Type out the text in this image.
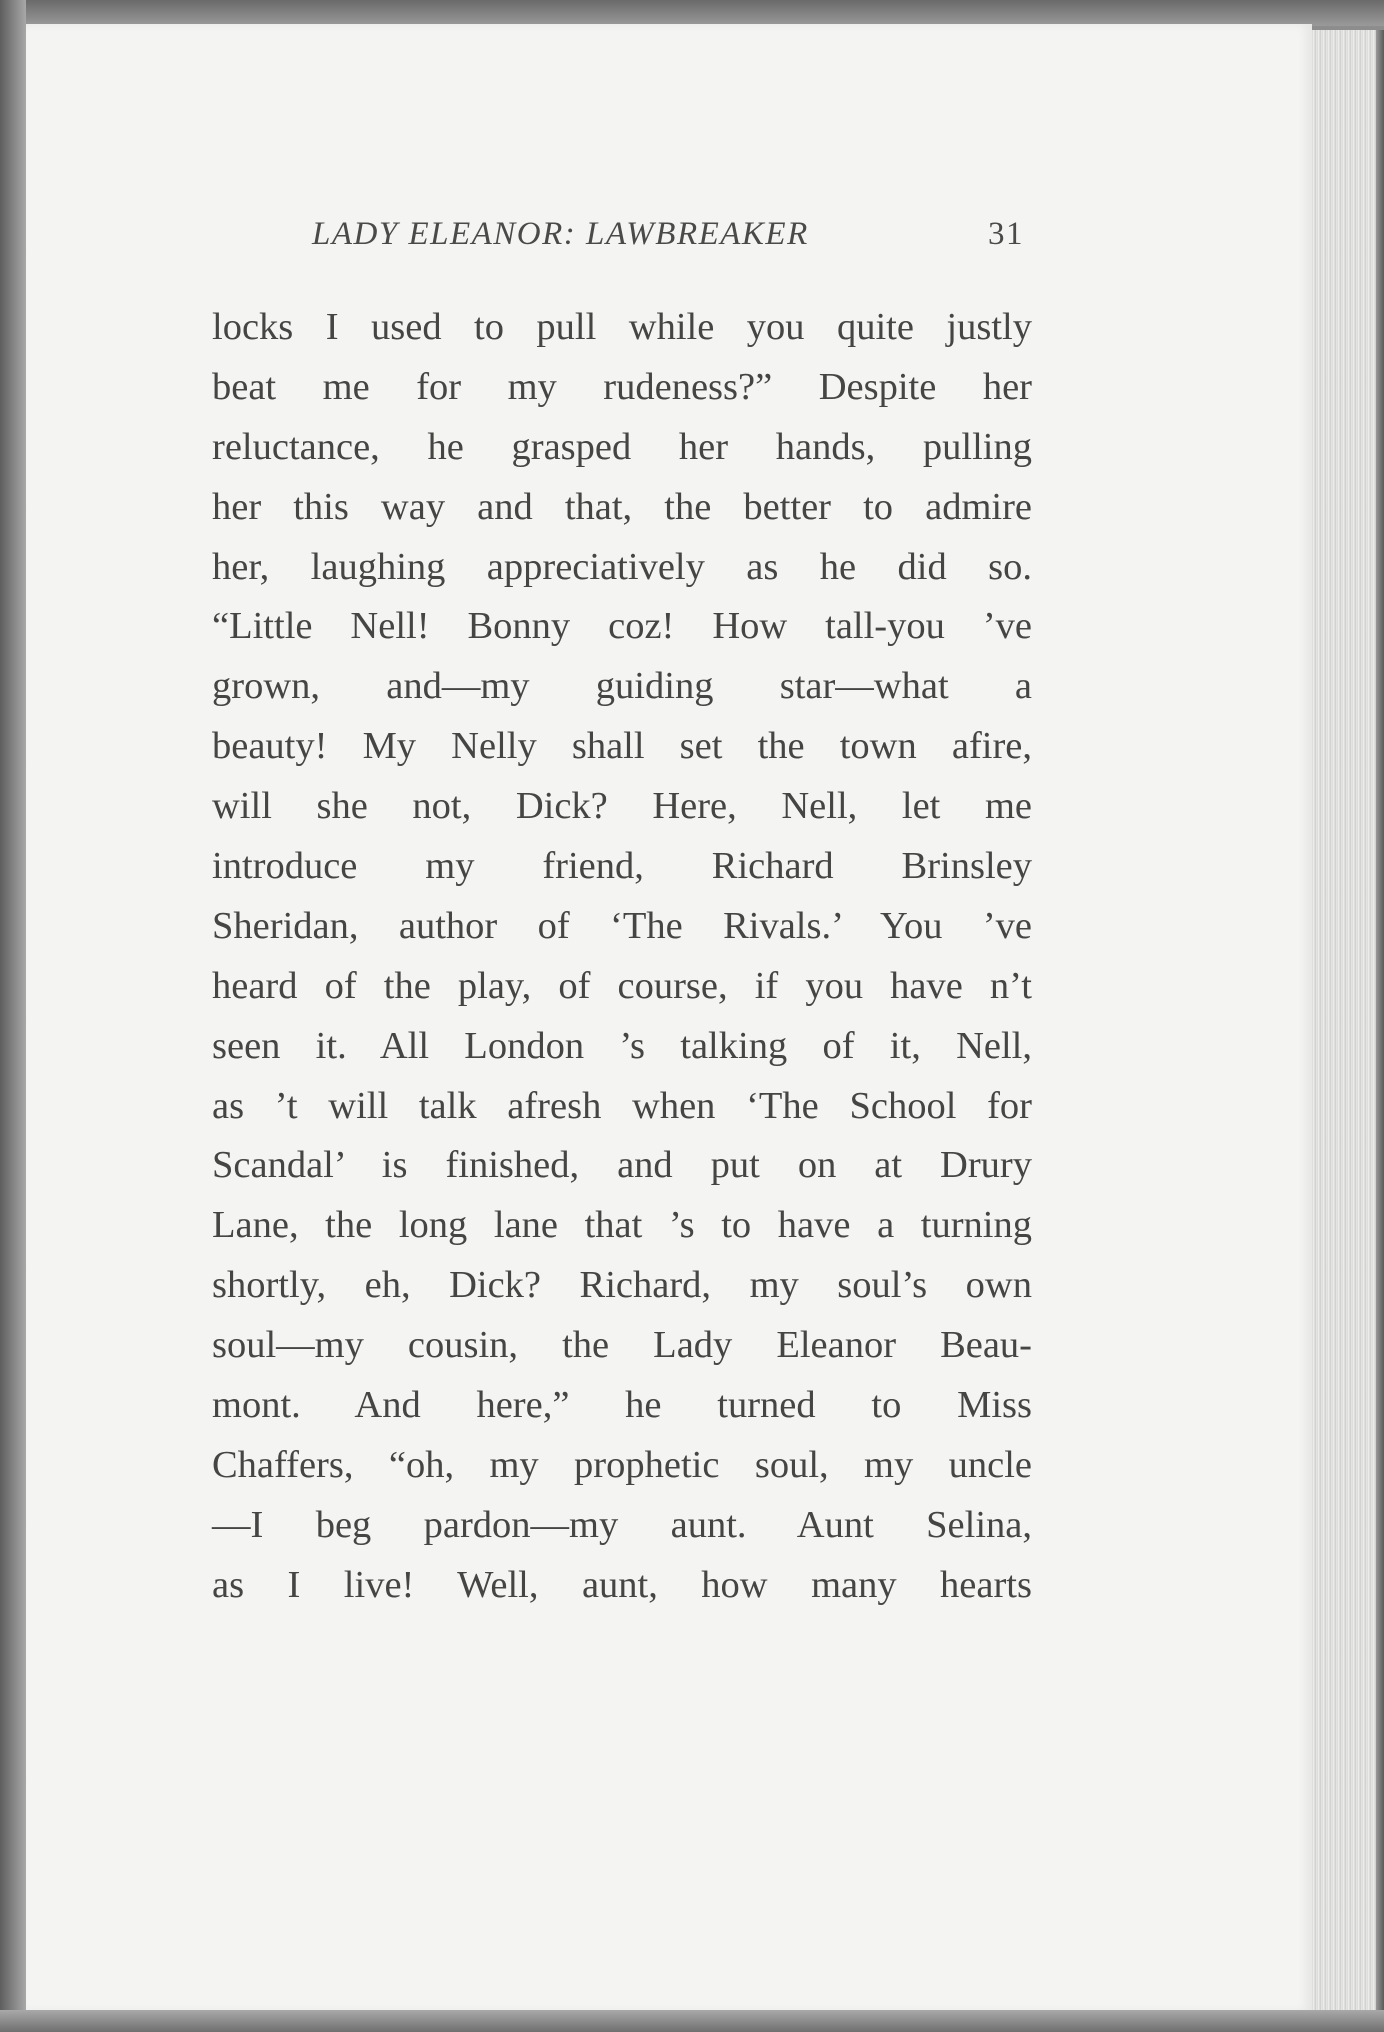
LADY ELEANOR: LAWBREAKER	31
locks I used to pull while you quite justly
beat me for my rudeness?” Despite her
reluctance, he grasped her hands, pulling
her this way and that, the better to admire
her, laughing appreciatively as he did so.
“Little Nell! Bonny coz! How tall-you ’ve
grown, and—my guiding star—what a
beauty! My Nelly shall set the town afire,
will she not, Dick? Here, Nell, let me
introduce my friend, Richard Brinsley
Sheridan, author of ‘The Rivals.’ You ’ve
heard of the play, of course, if you have n’t
seen it. All London ’s talking of it, Nell,
as ’t will talk afresh when ‘The School for
Scandal’ is finished, and put on at Drury
Lane, the long lane that ’s to have a turning
shortly, eh, Dick? Richard, my soul’s own
soul—my cousin, the Lady Eleanor Beau-
mont. And here,” he turned to Miss
Chaffers, “oh, my prophetic soul, my uncle
—I beg pardon—my aunt. Aunt Selina,
as I live! Well, aunt, how many hearts
